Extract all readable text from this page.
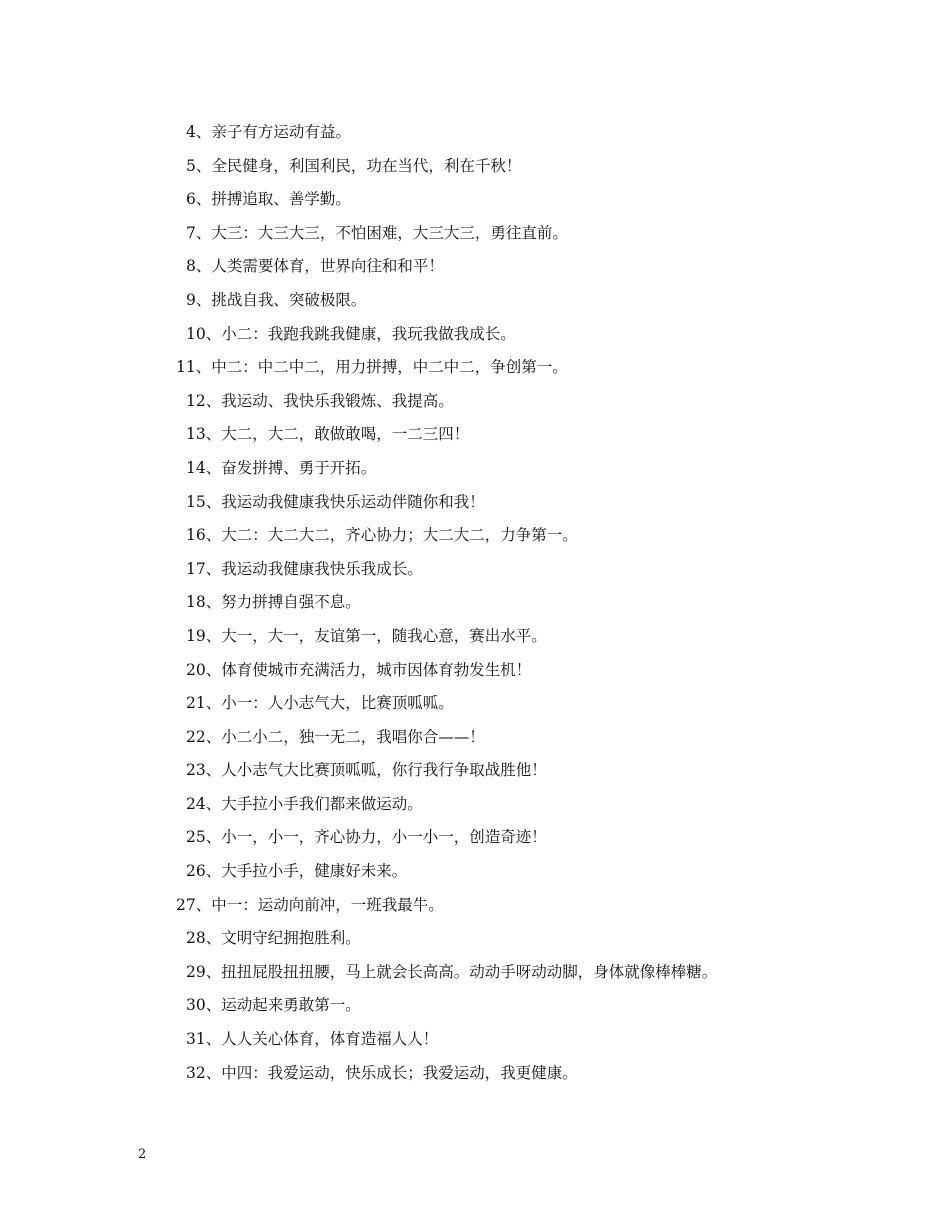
4、亲子有方运动有益。
5、全民健身，利国利民，功在当代，利在千秋！
6、拼搏追取、善学勤。
7、大三：大三大三，不怕困难，大三大三，勇往直前。
8、人类需要体育，世界向往和和平！
9、挑战自我、突破极限。
10、小二：我跑我跳我健康，我玩我做我成长。
11、中二：中二中二，用力拼搏，中二中二，争创第一。
12、我运动、我快乐我锻炼、我提高。
13、大二，大二，敢做敢喝，一二三四！
14、奋发拼搏、勇于开拓。
15、我运动我健康我快乐运动伴随你和我！
16、大二：大二大二，齐心协力；大二大二，力争第一。
17、我运动我健康我快乐我成长。
18、努力拼搏自强不息。
19、大一，大一，友谊第一，随我心意，赛出水平。
20、体育使城市充满活力，城市因体育勃发生机！
21、小一：人小志气大，比赛顶呱呱。
22、小二小二，独一无二，我唱你合——！
23、人小志气大比赛顶呱呱，你行我行争取战胜他！
24、大手拉小手我们都来做运动。
25、小一，小一，齐心协力，小一小一，创造奇迹！
26、大手拉小手，健康好未来。
27、中一：运动向前冲，一班我最牛。
28、文明守纪拥抱胜利。
29、扭扭屁股扭扭腰，马上就会长高高。动动手呀动动脚，身体就像棒棒糖。
30、运动起来勇敢第一。
31、人人关心体育，体育造福人人！
32、中四：我爱运动，快乐成长；我爱运动，我更健康。
2
